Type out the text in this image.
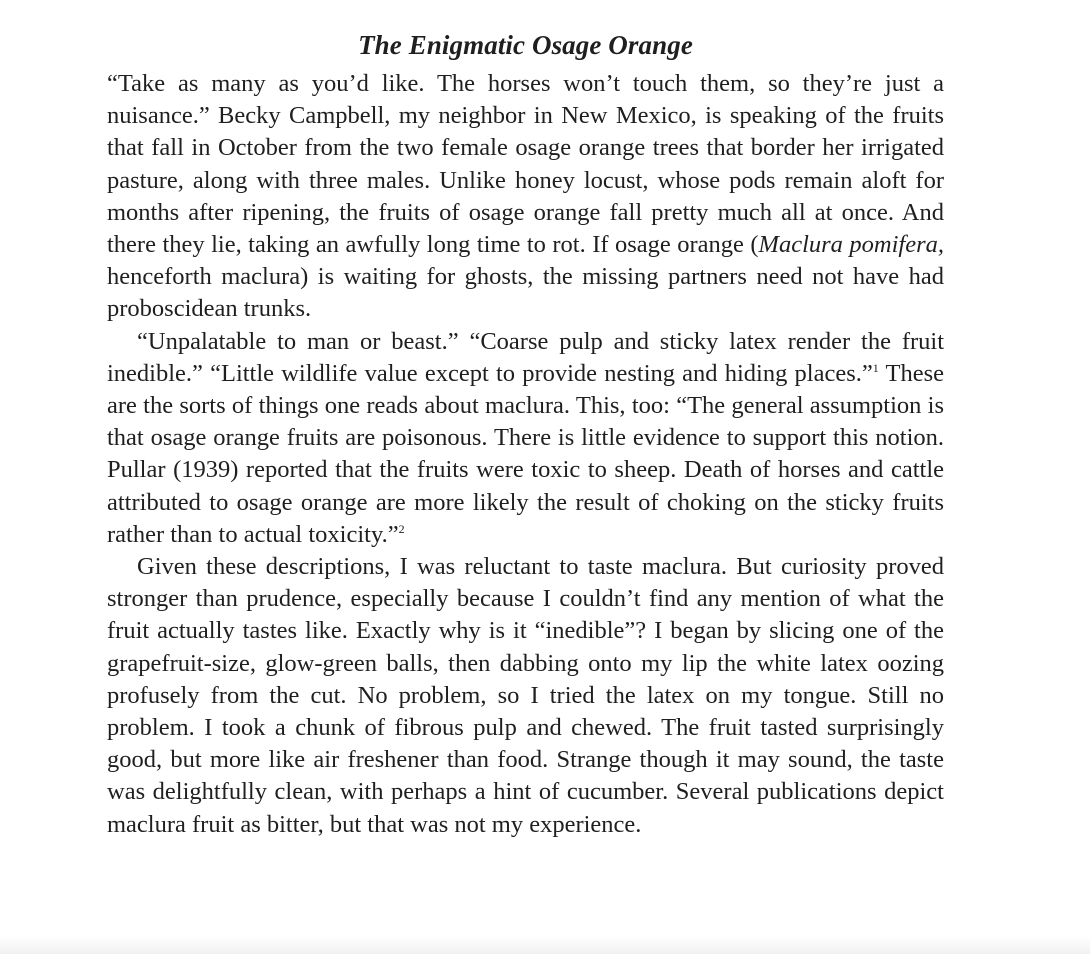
The Enigmatic Osage Orange

“Take as many as you’d like. The horses won’t touch them, so they’re just a nuisance.” Becky Campbell, my neighbor in New Mexico, is speaking of the fruits that fall in October from the two female osage orange trees that border her irrigated pasture, along with three males. Unlike honey locust, whose pods remain aloft for months after ripening, the fruits of osage orange fall pretty much all at once. And there they lie, taking an awfully long time to rot. If osage orange (Maclura pomifera, henceforth maclura) is waiting for ghosts, the missing partners need not have had proboscidean trunks.

“Unpalatable to man or beast.” “Coarse pulp and sticky latex render the fruit inedible.” “Little wildlife value except to provide nesting and hiding places.”$^1$ These are the sorts of things one reads about maclura. This, too: “The general assumption is that osage orange fruits are poisonous. There is little evidence to support this notion. Pullar (1939) reported that the fruits were toxic to sheep. Death of horses and cattle attributed to osage orange are more likely the result of choking on the sticky fruits rather than to actual toxicity.”$^2$

Given these descriptions, I was reluctant to taste maclura. But curiosity proved stronger than prudence, especially because I couldn’t find any mention of what the fruit actually tastes like. Exactly why is it “inedible”? I began by slicing one of the grapefruit-size, glow-green balls, then dabbing onto my lip the white latex oozing profusely from the cut. No problem, so I tried the latex on my tongue. Still no problem. I took a chunk of fibrous pulp and chewed. The fruit tasted surprisingly good, but more like air freshener than food. Strange though it may sound, the taste was delightfully clean, with perhaps a hint of cucumber. Several publications depict maclura fruit as bitter, but that was not my experience.
